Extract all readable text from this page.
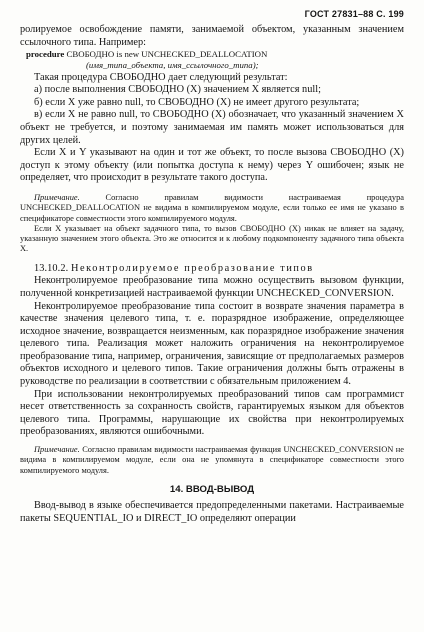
ГОСТ 27831–88 С. 199

ролируемое освобождение памяти, занимаемой объектом, указанным значением ссылочного типа. Например:

procedure СВОБОДНО is new UNCHECKED_DEALLOCATION

(имя_типа_объекта, имя_ссылочного_типа);

Такая процедура СВОБОДНО дает следующий результат:

а) после выполнения СВОБОДНО (X) значением X является null;

б) если X уже равно null, то СВОБОДНО (X) не имеет другого результата;

в) если X не равно null, то СВОБОДНО (X) обозначает, что указанный значением X объект не требуется, и поэтому занимаемая им память может использоваться для других целей.

Если X и Y указывают на один и тот же объект, то после вызова СВОБОДНО (X) доступ к этому объекту (или попытка доступа к нему) через Y ошибочен; язык не определяет, что происходит в результате такого доступа.

Примечание. Согласно правилам видимости настраиваемая процедура UNCHECKED_DEALLOCATION не видима в компилируемом модуле, если только ее имя не указано в спецификаторе совместности этого компилируемого модуля.

Если X указывает на объект задачного типа, то вызов СВОБОДНО (X) никак не влияет на задачу, указанную значением этого объекта. Это же относится и к любому подкомпоненту задачного типа объекта X.

13.10.2. Неконтролируемое преобразование типов

Неконтролируемое преобразование типа можно осуществить вызовом функции, полученной конкретизацией настраиваемой функции UNCHECKED_CONVERSION.

Неконтролируемое преобразование типа состоит в возврате значения параметра в качестве значения целевого типа, т. е. поразрядное изображение, определяющее исходное значение, возвращается неизменным, как поразрядное изображение значения целевого типа. Реализация может наложить ограничения на неконтролируемое преобразование типа, например, ограничения, зависящие от предполагаемых размеров объектов исходного и целевого типов. Такие ограничения должны быть отражены в руководстве по реализации в соответствии с обязательным приложением 4.

При использовании неконтролируемых преобразований типов сам программист несет ответственность за сохранность свойств, гарантируемых языком для объектов целевого типа. Программы, нарушающие их свойства при неконтролируемых преобразованиях, являются ошибочными.

Примечание. Согласно правилам видимости настраиваемая функция UNCHECKED_CONVERSION не видима в компилируемом модуле, если она не упомянута в спецификаторе совместности этого компилируемого модуля.

14. ВВОД-ВЫВОД

Ввод-вывод в языке обеспечивается предопределенными пакетами. Настраиваемые пакеты SEQUENTIAL_IO и DIRECT_IO определяют операции
